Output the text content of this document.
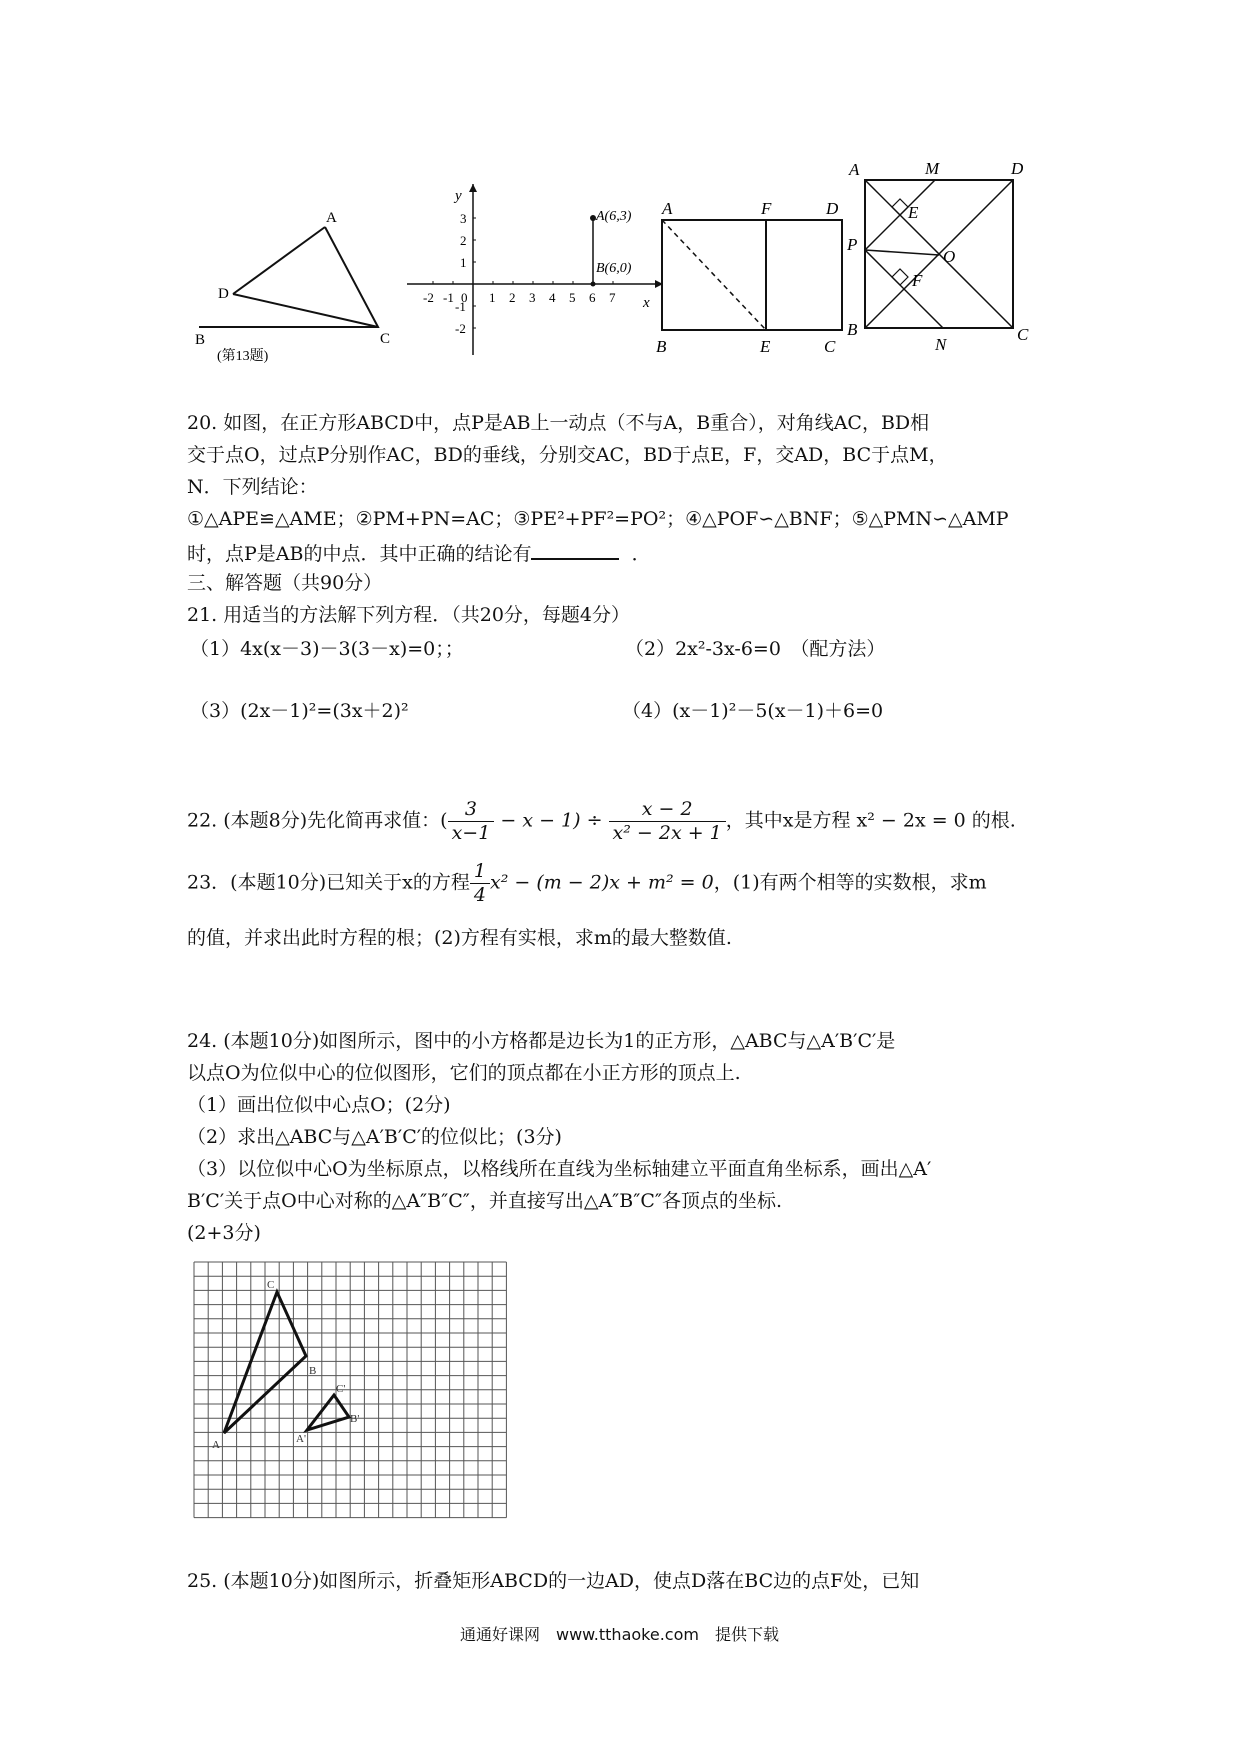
A
D
B	C
(第13题)
y
x
-2 -1 0 1 2 3 4 5 6 7
3
2
1
-1
-2
A(6,3)
B(6,0)
A	F	D
B	E	C
A	M	D
E
P
O
F
B
N
C
20. 如图，在正方形ABCD中，点P是AB上一动点（不与A，B重合），对角线AC，BD相
交于点O，过点P分别作AC，BD的垂线，分别交AC，BD于点E，F，交AD，BC于点M，
N．下列结论：
①△APE≌△AME；②PM+PN=AC；③PE²+PF²=PO²；④△POF∽△BNF；⑤△PMN∽△AMP
时，点P是AB的中点．其中正确的结论有	．
三、解答题（共90分）
21. 用适当的方法解下列方程．（共20分，每题4分）
（1）4x(x－3)－3(3－x)=0；；	（2）2x²-3x-6=0　（配方法）
（3）(2x－1)²=(3x＋2)²	（4）(x－1)²－5(x－1)＋6=0
22. (本题8分)先化简再求值：( $\frac{3}{x-1} - x - 1) \div \frac{x - 2}{\text{x² − 2x + 1}}$ ，其中x是方程 x² − 2x = 0 的根.
23．(本题10分)已知关于x的方程 $\frac{1}{4} x^2 - (m - 2)x + m^2 = 0$，(1)有两个相等的实数根，求m
的值，并求出此时方程的根；(2)方程有实根，求m的最大整数值.
24. (本题10分)如图所示，图中的小方格都是边长为1的正方形，△ABC与△A′B′C′是
以点O为位似中心的位似图形，它们的顶点都在小正方形的顶点上.
（1）画出位似中心点O；(2分)
（2）求出△ABC与△A′B′C′的位似比；(3分)
（3）以位似中心O为坐标原点，以格线所在直线为坐标轴建立平面直角坐标系，画出△A′
B′C′关于点O中心对称的△A″B″C″，并直接写出△A″B″C″各顶点的坐标.
(2+3分)
C
B
A
C'
B'
A'
25. (本题10分)如图所示，折叠矩形ABCD的一边AD，使点D落在BC边的点F处，已知
通通好课网　www.tthaoke.com　提供下载
